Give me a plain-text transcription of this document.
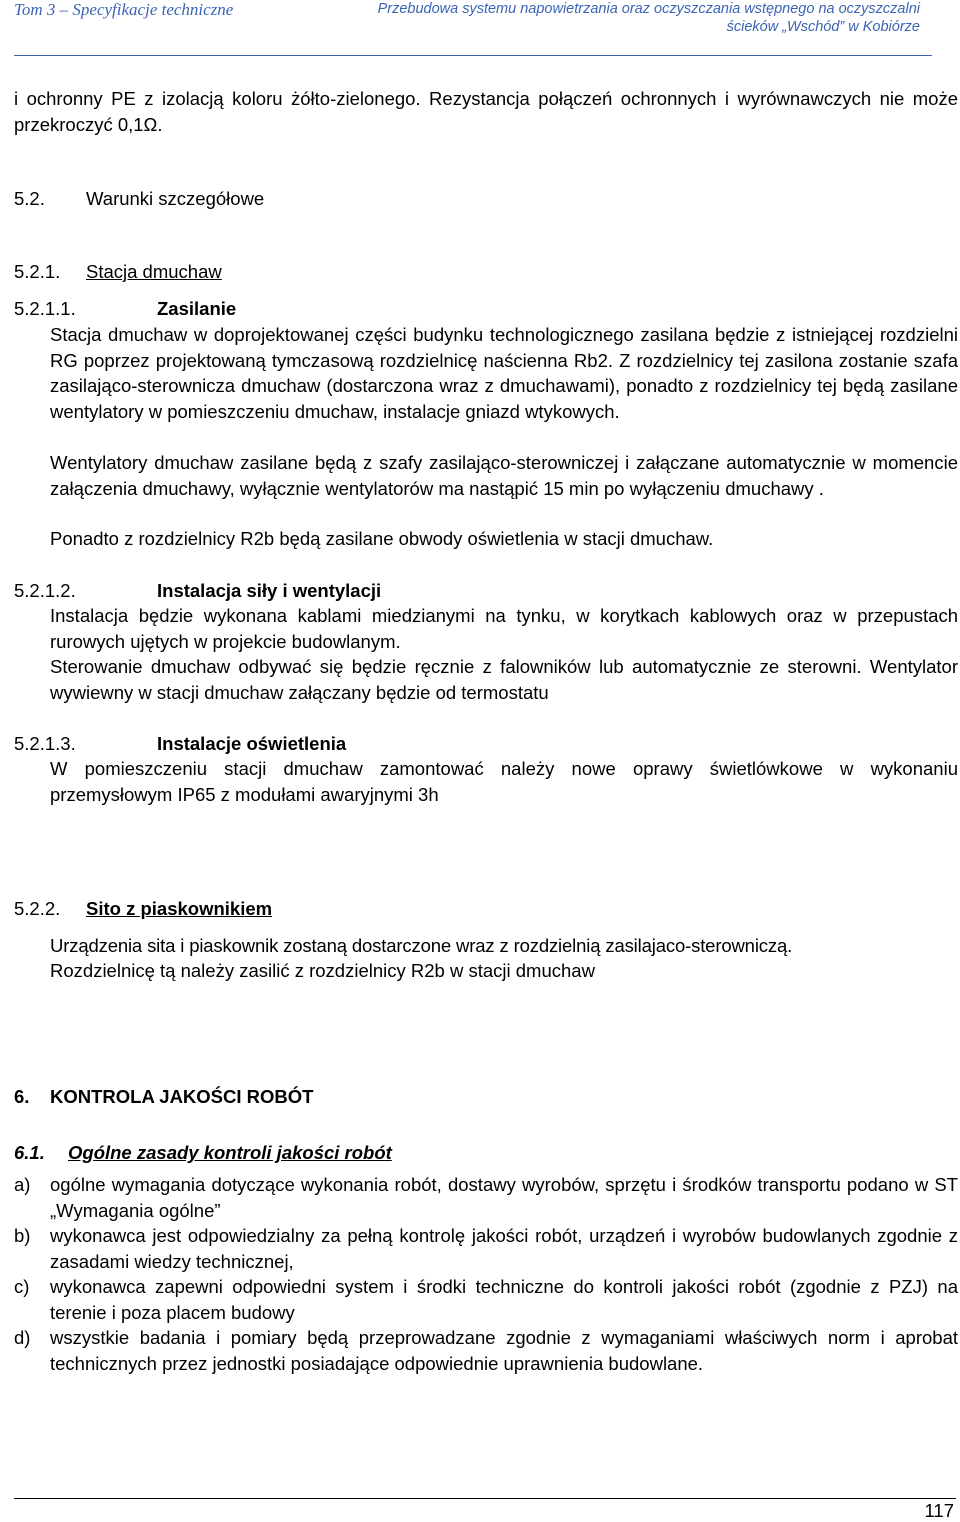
Tom 3 – Specyfikacje techniczne	Przebudowa systemu napowietrzania oraz oczyszczania wstępnego na oczyszczalni ścieków „Wschód” w Kobiórze

i ochronny PE z izolacją koloru żółto-zielonego. Rezystancja połączeń ochronnych i wyrównawczych nie może przekroczyć 0,1Ω.

5.2. Warunki szczegółowe
5.2.1. Stacja dmuchaw
5.2.1.1.	Zasilanie

Stacja dmuchaw w doprojektowanej części budynku technologicznego zasilana będzie z istniejącej rozdzielni RG poprzez projektowaną tymczasową rozdzielnicę naścienna Rb2. Z rozdzielnicy tej zasilona zostanie szafa zasilająco-sterownicza dmuchaw (dostarczona wraz z dmuchawami), ponadto z rozdzielnicy tej będą zasilane wentylatory w pomieszczeniu dmuchaw, instalacje gniazd wtykowych.

Wentylatory dmuchaw zasilane będą z szafy zasilająco-sterowniczej i załączane automatycznie w momencie załączenia dmuchawy, wyłącznie wentylatorów ma nastąpić 15 min po wyłączeniu dmuchawy .

Ponadto z rozdzielnicy R2b będą zasilane obwody oświetlenia w stacji dmuchaw.

5.2.1.2.	Instalacja siły i wentylacji

Instalacja będzie wykonana kablami miedzianymi na tynku, w korytkach kablowych oraz w przepustach rurowych ujętych w projekcie budowlanym.

Sterowanie dmuchaw odbywać się będzie ręcznie z falowników lub automatycznie ze sterowni. Wentylator wywiewny w stacji dmuchaw załączany będzie od termostatu

5.2.1.3.	Instalacje oświetlenia

W pomieszczeniu stacji dmuchaw zamontować należy nowe oprawy świetlówkowe w wykonaniu przemysłowym IP65 z modułami awaryjnymi 3h

5.2.2. Sito z piaskownikiem

Urządzenia sita i piaskownik zostaną dostarczone wraz z rozdzielnią zasilajaco-sterowniczą.

Rozdzielnicę tą należy zasilić z rozdzielnicy R2b w stacji dmuchaw

6. KONTROLA JAKOŚCI ROBÓT
6.1. Ogólne zasady kontroli jakości robót
a) ogólne wymagania dotyczące wykonania robót, dostawy wyrobów, sprzętu i środków transportu podano w ST „Wymagania ogólne”

b) wykonawca jest odpowiedzialny za pełną kontrolę jakości robót, urządzeń i wyrobów budowlanych zgodnie z zasadami wiedzy technicznej,

c) wykonawca zapewni odpowiedni system i środki techniczne do kontroli jakości robót (zgodnie z PZJ) na terenie i poza placem budowy

d) wszystkie badania i pomiary będą przeprowadzane zgodnie z wymaganiami właściwych norm i aprobat technicznych przez jednostki posiadające odpowiednie uprawnienia budowlane.

117
